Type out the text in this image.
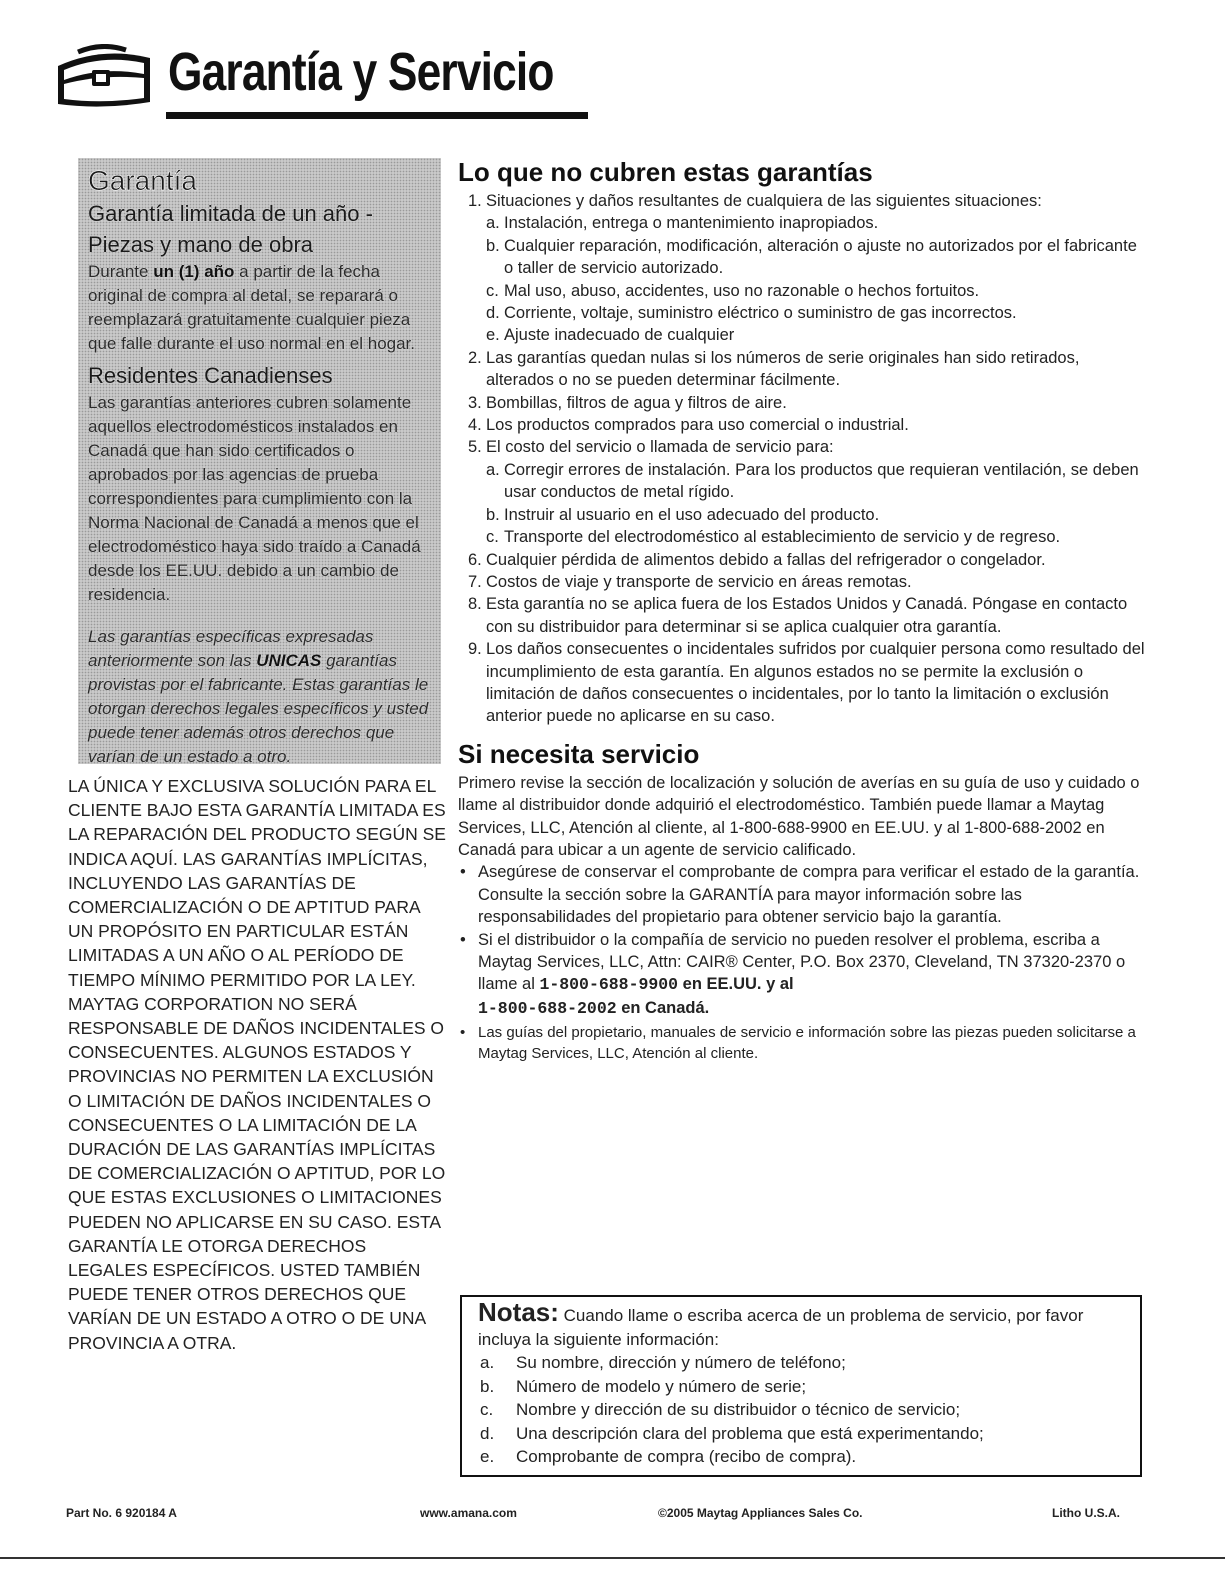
Garantía y Servicio
Garantía

Garantía limitada de un año -

Piezas y mano de obra

Durante un (1) año a partir de la fecha original de compra al detal, se reparará o reemplazará gratuitamente cualquier pieza que falle durante el uso normal en el hogar.

Residentes Canadienses

Las garantías anteriores cubren solamente aquellos electrodomésticos instalados en Canadá que han sido certificados o aprobados por las agencias de prueba correspondientes para cumplimiento con la Norma Nacional de Canadá a menos que el electrodoméstico haya sido traído a Canadá desde los EE.UU. debido a un cambio de residencia.

Las garantías específicas expresadas anteriormente son las UNICAS garantías provistas por el fabricante. Estas garantías le otorgan derechos legales específicos y usted puede tener además otros derechos que varían de un estado a otro.

LA ÚNICA Y EXCLUSIVA SOLUCIÓN PARA EL CLIENTE BAJO ESTA GARANTÍA LIMITADA ES LA REPARACIÓN DEL PRODUCTO SEGÚN SE INDICA AQUÍ. LAS GARANTÍAS IMPLÍCITAS, INCLUYENDO LAS GARANTÍAS DE COMERCIALIZACIÓN O DE APTITUD PARA UN PROPÓSITO EN PARTICULAR ESTÁN LIMITADAS A UN AÑO O AL PERÍODO DE TIEMPO MÍNIMO PERMITIDO POR LA LEY. MAYTAG CORPORATION NO SERÁ RESPONSABLE DE DAÑOS INCIDENTALES O CONSECUENTES. ALGUNOS ESTADOS Y PROVINCIAS NO PERMITEN LA EXCLUSIÓN O LIMITACIÓN DE DAÑOS INCIDENTALES O CONSECUENTES O LA LIMITACIÓN DE LA DURACIÓN DE LAS GARANTÍAS IMPLÍCITAS DE COMERCIALIZACIÓN O APTITUD, POR LO QUE ESTAS EXCLUSIONES O LIMITACIONES PUEDEN NO APLICARSE EN SU CASO. ESTA GARANTÍA LE OTORGA DERECHOS LEGALES ESPECÍFICOS. USTED TAMBIÉN PUEDE TENER OTROS DERECHOS QUE VARÍAN DE UN ESTADO A OTRO O DE UNA PROVINCIA A OTRA.

Lo que no cubren estas garantías
1. Situaciones y daños resultantes de cualquiera de las siguientes situaciones:
a. Instalación, entrega o mantenimiento inapropiados.
b. Cualquier reparación, modificación, alteración o ajuste no autorizados por el fabricante o taller de servicio autorizado.
c. Mal uso, abuso, accidentes, uso no razonable o hechos fortuitos.
d. Corriente, voltaje, suministro eléctrico o suministro de gas incorrectos.
e. Ajuste inadecuado de cualquier
2. Las garantías quedan nulas si los números de serie originales han sido retirados, alterados o no se pueden determinar fácilmente.
3. Bombillas, filtros de agua y filtros de aire.
4. Los productos comprados para uso comercial o industrial.
5. El costo del servicio o llamada de servicio para:
a. Corregir errores de instalación. Para los productos que requieran ventilación, se deben usar conductos de metal rígido.
b. Instruir al usuario en el uso adecuado del producto.
c. Transporte del electrodoméstico al establecimiento de servicio y de regreso.
6. Cualquier pérdida de alimentos debido a fallas del refrigerador o congelador.
7. Costos de viaje y transporte de servicio en áreas remotas.
8. Esta garantía no se aplica fuera de los Estados Unidos y Canadá. Póngase en contacto con su distribuidor para determinar si se aplica cualquier otra garantía.
9. Los daños consecuentes o incidentales sufridos por cualquier persona como resultado del incumplimiento de esta garantía. En algunos estados no se permite la exclusión o limitación de daños consecuentes o incidentales, por lo tanto la limitación o exclusión anterior puede no aplicarse en su caso.
Si necesita servicio

Primero revise la sección de localización y solución de averías en su guía de uso y cuidado o llame al distribuidor donde adquirió el electrodoméstico. También puede llamar a Maytag Services, LLC, Atención al cliente, al 1-800-688-9900 en EE.UU. y al 1-800-688-2002 en Canadá para ubicar a un agente de servicio calificado.

• Asegúrese de conservar el comprobante de compra para verificar el estado de la garantía. Consulte la sección sobre la GARANTÍA para mayor información sobre las responsabilidades del propietario para obtener servicio bajo la garantía.
• Si el distribuidor o la compañía de servicio no pueden resolver el problema, escriba a Maytag Services, LLC, Attn: CAIR® Center, P.O. Box 2370, Cleveland, TN 37320-2370 o llame al 1-800-688-9900 en EE.UU. y al
1-800-688-2002 en Canadá.
• Las guías del propietario, manuales de servicio e información sobre las piezas pueden solicitarse a Maytag Services, LLC, Atención al cliente.
Notas: Cuando llame o escriba acerca de un problema de servicio, por favor incluya la siguiente información:
a. Su nombre, dirección y número de teléfono;
b. Número de modelo y número de serie;
c. Nombre y dirección de su distribuidor o técnico de servicio;
d. Una descripción clara del problema que está experimentando;
e. Comprobante de compra (recibo de compra).
Part No. 6 920184 A	www.amana.com	©2005 Maytag Appliances Sales Co.	Litho U.S.A.
